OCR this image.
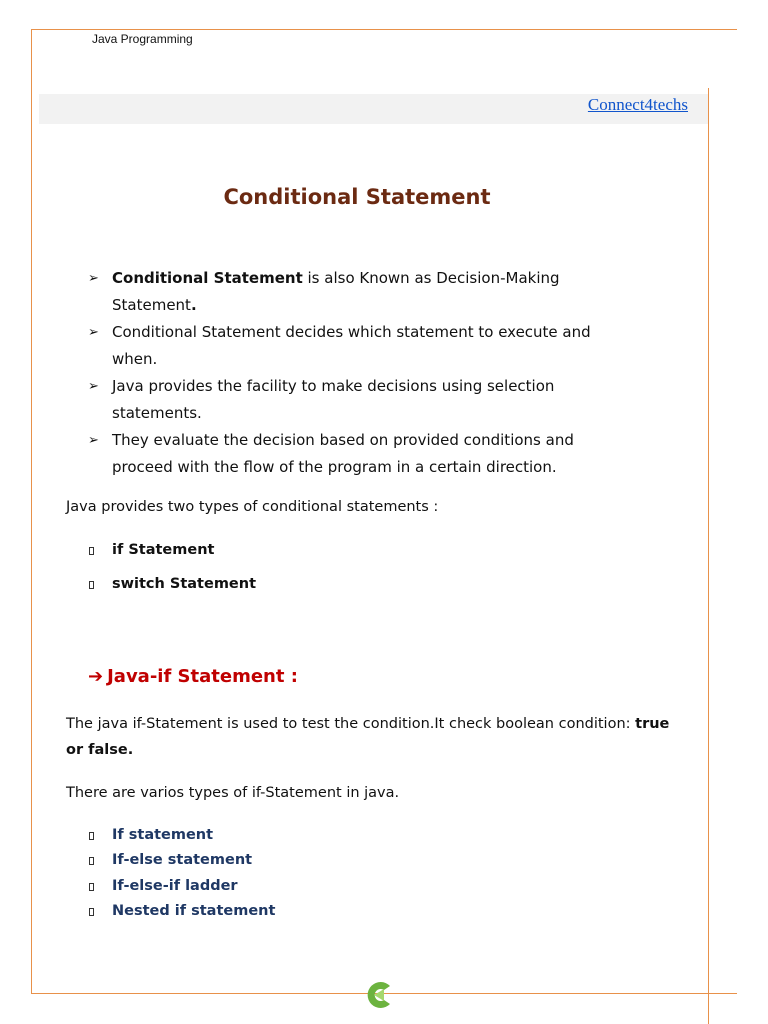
Java Programming
Connect4techs
Conditional Statement
➢ Conditional Statement is also Known as Decision-Making Statement.
➢ Conditional Statement decides which statement to execute and when.
➢ Java provides the facility to make decisions using selection statements.
➢ They evaluate the decision based on provided conditions and proceed with the flow of the program in a certain direction.
Java provides two types of conditional statements :
if Statement
switch Statement
➔ Java-if Statement :
The java if-Statement is used to test the condition.It check boolean condition: true or false.
There are varios types of if-Statement in java.
If statement
If-else statement
If-else-if ladder
Nested if statement
